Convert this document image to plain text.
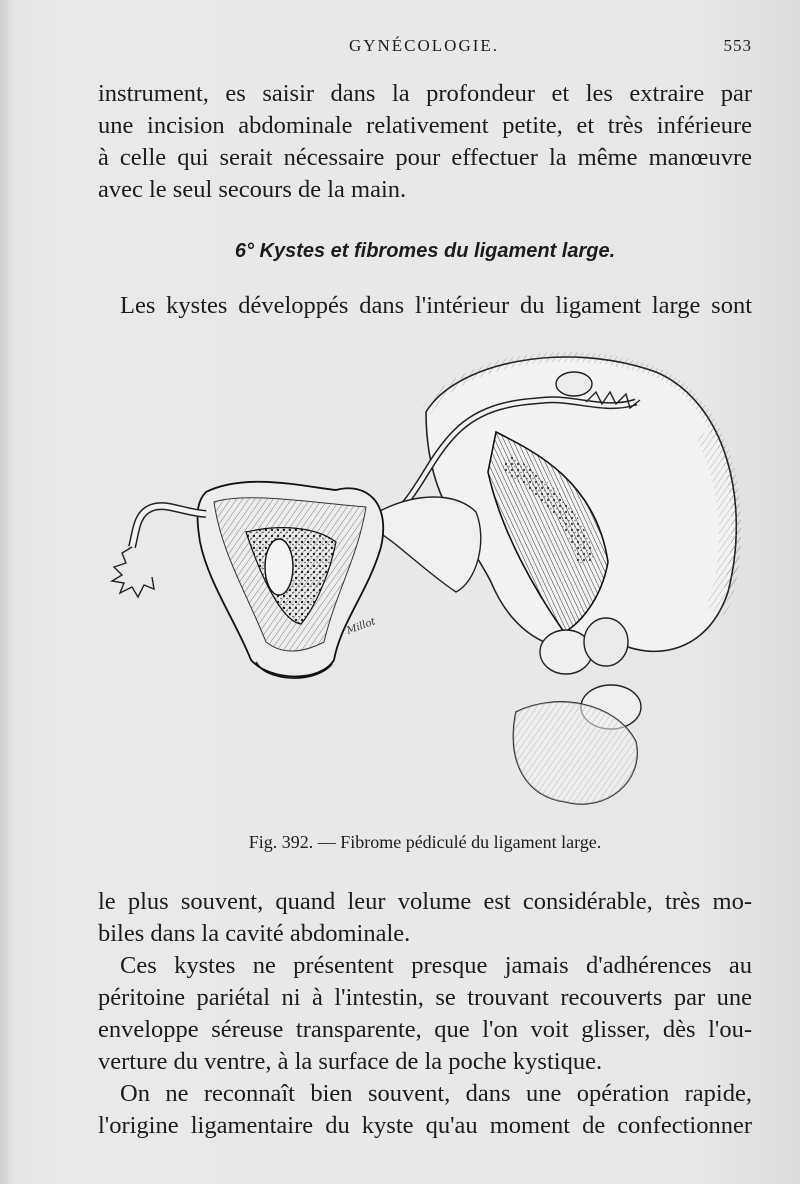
GYNÉCOLOGIE.	553
instrument, es saisir dans la profondeur et les extraire par
une incision abdominale relativement petite, et très inférieure
à celle qui serait nécessaire pour effectuer la même manœuvre
avec le seul secours de la main.
6° Kystes et fibromes du ligament large.
Les kystes développés dans l'intérieur du ligament large sont
Millot
Fig. 392. — Fibrome pédiculé du ligament large.
le plus souvent, quand leur volume est considérable, très mo-
biles dans la cavité abdominale.
Ces kystes ne présentent presque jamais d'adhérences au
péritoine pariétal ni à l'intestin, se trouvant recouverts par une
enveloppe séreuse transparente, que l'on voit glisser, dès l'ou-
verture du ventre, à la surface de la poche kystique.
On ne reconnaît bien souvent, dans une opération rapide,
l'origine ligamentaire du kyste qu'au moment de confectionner
